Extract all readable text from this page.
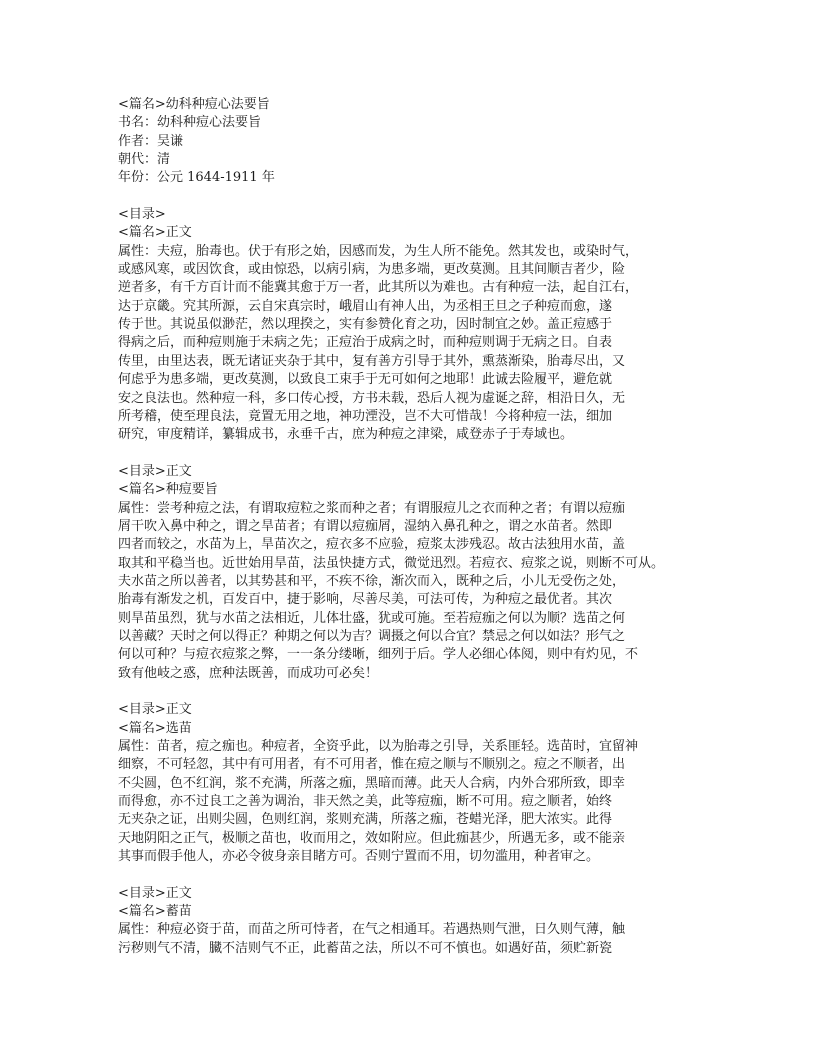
<篇名>幼科种痘心法要旨
书名：幼科种痘心法要旨
作者：吴谦
朝代：清
年份：公元 1644-1911 年
<目录>
<篇名>正文
属性：夫痘，胎毒也。伏于有形之始，因感而发，为生人所不能免。然其发也，或染时气，
或感风寒，或因饮食，或由惊恐，以病引病，为患多端，更改莫测。且其间顺吉者少，险
逆者多，有千方百计而不能冀其愈于万一者，此其所以为难也。古有种痘一法，起自江右，
达于京畿。究其所源，云自宋真宗时，峨眉山有神人出，为丞相王旦之子种痘而愈，遂
传于世。其说虽似渺茫，然以理揆之，实有参赞化育之功，因时制宜之妙。盖正痘感于
得病之后，而种痘则施于未病之先；正痘治于成病之时，而种痘则调于无病之日。自表
传里，由里达表，既无诸证夹杂于其中，复有善方引导于其外，熏蒸渐染，胎毒尽出，又
何虑乎为患多端，更改莫测，以致良工束手于无可如何之地耶！此诚去险履平，避危就
安之良法也。然种痘一科，多口传心授，方书未载，恐后人视为虚诞之辞，相沿日久，无
所考稽，使至理良法，竟置无用之地，神功湮没，岂不大可惜哉！今将种痘一法，细加
研究，审度精详，纂辑成书，永垂千古，庶为种痘之津梁，咸登赤子于寿域也。
<目录>正文
<篇名>种痘要旨
属性：尝考种痘之法，有谓取痘粒之浆而种之者；有谓服痘儿之衣而种之者；有谓以痘痂
屑干吹入鼻中种之，谓之旱苗者；有谓以痘痂屑，湿纳入鼻孔种之，谓之水苗者。然即
四者而较之，水苗为上，旱苗次之，痘衣多不应验，痘浆太涉残忍。故古法独用水苗，盖
取其和平稳当也。近世始用旱苗，法虽快捷方式，微觉迅烈。若痘衣、痘浆之说，则断不可从。
夫水苗之所以善者，以其势甚和平，不疾不徐，渐次而入，既种之后，小儿无受伤之处，
胎毒有渐发之机，百发百中，捷于影响，尽善尽美，可法可传，为种痘之最优者。其次
则旱苗虽烈，犹与水苗之法相近，儿体壮盛，犹或可施。至若痘痂之何以为顺？选苗之何
以善藏？天时之何以得正？种期之何以为吉？调摄之何以合宜？禁忌之何以如法？形气之
何以可种？与痘衣痘浆之弊，一一条分缕晰，细列于后。学人必细心体阅，则中有灼见，不
致有他岐之惑，庶种法既善，而成功可必矣！
<目录>正文
<篇名>选苗
属性：苗者，痘之痂也。种痘者，全资乎此，以为胎毒之引导，关系匪轻。选苗时，宜留神
细察，不可轻忽，其中有可用者，有不可用者，惟在痘之顺与不顺别之。痘之不顺者，出
不尖圆，色不红润，浆不充满，所落之痂，黑暗而薄。此天人合病，内外合邪所致，即幸
而得愈，亦不过良工之善为调治，非天然之美，此等痘痂，断不可用。痘之顺者，始终
无夹杂之证，出则尖圆，色则红润，浆则充满，所落之痂，苍蜡光泽，肥大浓实。此得
天地阴阳之正气，极顺之苗也，收而用之，效如附应。但此痂甚少，所遇无多，或不能亲
其事而假手他人，亦必令彼身亲目睹方可。否则宁置而不用，切勿滥用，种者审之。
<目录>正文
<篇名>蓄苗
属性：种痘必资于苗，而苗之所可恃者，在气之相通耳。若遇热则气泄，日久则气薄，触
污秽则气不清，臓不洁则气不正，此蓄苗之法，所以不可不慎也。如遇好苗，须贮新瓷
